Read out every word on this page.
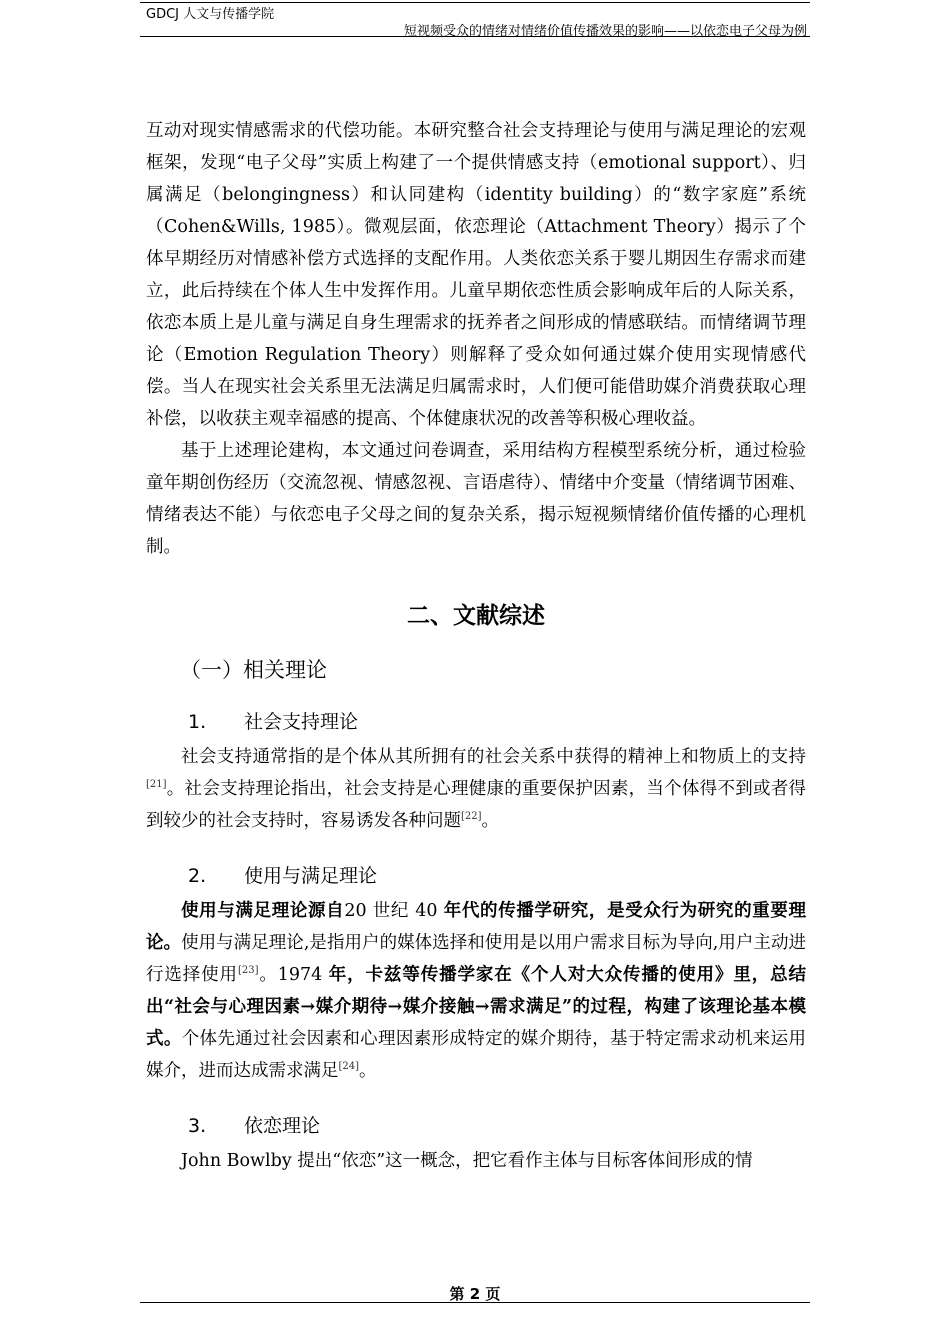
GDCJ 人文与传播学院
短视频受众的情绪对情绪价值传播效果的影响——以依恋电子父母为例

互动对现实情感需求的代偿功能。本研究整合社会支持理论与使用与满足理论的宏观框架，发现“电子父母”实质上构建了一个提供情感支持（emotional support）、归属满足（belongingness）和认同建构（identity building）的“数字家庭”系统（Cohen&Wills, 1985）。微观层面，依恋理论（Attachment Theory）揭示了个体早期经历对情感补偿方式选择的支配作用。人类依恋关系于婴儿期因生存需求而建立，此后持续在个体人生中发挥作用。儿童早期依恋性质会影响成年后的人际关系，依恋本质上是儿童与满足自身生理需求的抚养者之间形成的情感联结。而情绪调节理论（Emotion Regulation Theory）则解释了受众如何通过媒介使用实现情感代偿。当人在现实社会关系里无法满足归属需求时，人们便可能借助媒介消费获取心理补偿，以收获主观幸福感的提高、个体健康状况的改善等积极心理收益。

基于上述理论建构，本文通过问卷调查，采用结构方程模型系统分析，通过检验童年期创伤经历（交流忽视、情感忽视、言语虐待）、情绪中介变量（情绪调节困难、情绪表达不能）与依恋电子父母之间的复杂关系，揭示短视频情绪价值传播的心理机制。

二、文献综述
（一）相关理论
1. 社会支持理论

社会支持通常指的是个体从其所拥有的社会关系中获得的精神上和物质上的支持[21]。社会支持理论指出，社会支持是心理健康的重要保护因素，当个体得不到或者得到较少的社会支持时，容易诱发各种问题[22]。

2. 使用与满足理论

使用与满足理论源自20 世纪 40 年代的传播学研究，是受众行为研究的重要理论。使用与满足理论,是指用户的媒体选择和使用是以用户需求目标为导向,用户主动进行选择使用[23]。1974 年，卡兹等传播学家在《个人对大众传播的使用》里，总结出“社会与心理因素→媒介期待→媒介接触→需求满足”的过程，构建了该理论基本模式。个体先通过社会因素和心理因素形成特定的媒介期待，基于特定需求动机来运用媒介，进而达成需求满足[24]。

3. 依恋理论

John Bowlby 提出“依恋”这一概念，把它看作主体与目标客体间形成的情

第 2 页
